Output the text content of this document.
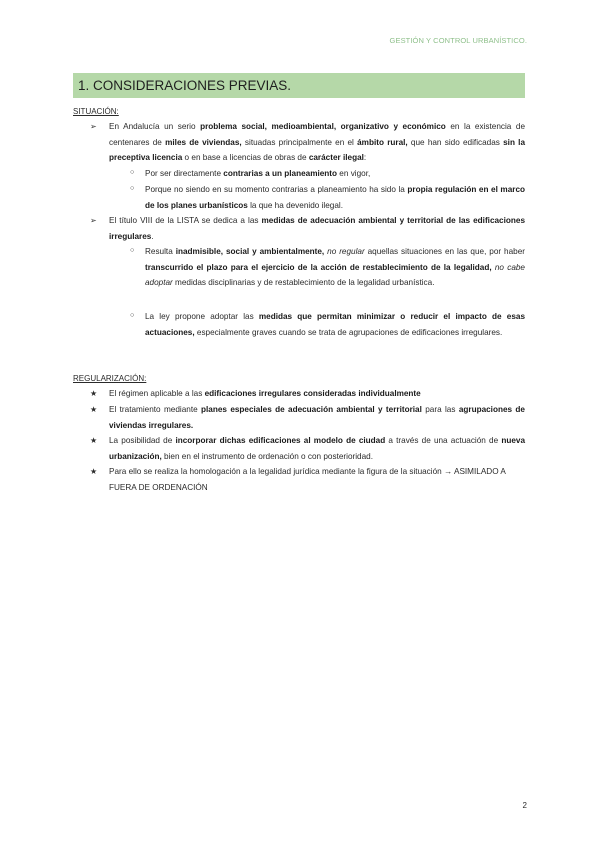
GESTIÓN Y CONTROL URBANÍSTICO.
1. CONSIDERACIONES PREVIAS.
SITUACIÓN:
➢ En Andalucía un serio problema social, medioambiental, organizativo y económico en la existencia de centenares de miles de viviendas, situadas principalmente en el ámbito rural, que han sido edificadas sin la preceptiva licencia o en base a licencias de obras de carácter ilegal:
○ Por ser directamente contrarias a un planeamiento en vigor,
○ Porque no siendo en su momento contrarias a planeamiento ha sido la propia regulación en el marco de los planes urbanísticos la que ha devenido ilegal.
➢ El título VIII de la LISTA se dedica a las medidas de adecuación ambiental y territorial de las edificaciones irregulares.
○ Resulta inadmisible, social y ambientalmente, no regular aquellas situaciones en las que, por haber transcurrido el plazo para el ejercicio de la acción de restablecimiento de la legalidad, no cabe adoptar medidas disciplinarias y de restablecimiento de la legalidad urbanística.
○ La ley propone adoptar las medidas que permitan minimizar o reducir el impacto de esas actuaciones, especialmente graves cuando se trata de agrupaciones de edificaciones irregulares.
REGULARIZACIÓN:
★ El régimen aplicable a las edificaciones irregulares consideradas individualmente
★ El tratamiento mediante planes especiales de adecuación ambiental y territorial para las agrupaciones de viviendas irregulares.
★ La posibilidad de incorporar dichas edificaciones al modelo de ciudad a través de una actuación de nueva urbanización, bien en el instrumento de ordenación o con posterioridad.
★ Para ello se realiza la homologación a la legalidad jurídica mediante la figura de la situación → ASIMILADO A FUERA DE ORDENACIÓN
2
